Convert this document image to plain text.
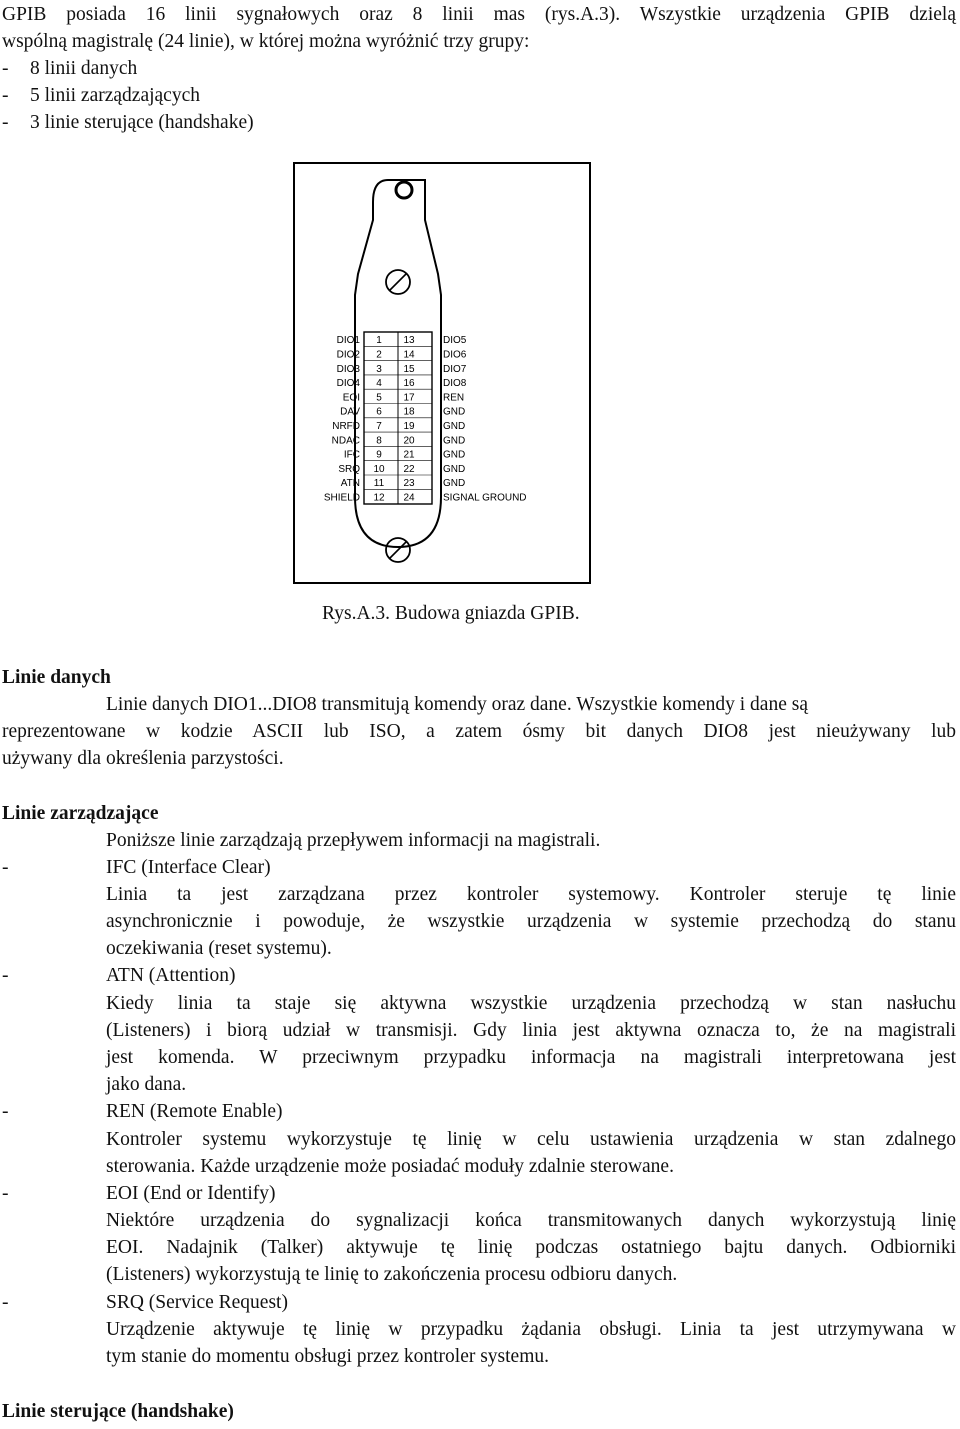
GPIB posiada 16 linii sygnałowych oraz 8 linii mas (rys.A.3). Wszystkie urządzenia GPIB dzielą
wspólną magistralę (24 linie), w której można wyróżnić trzy grupy:
- 8 linii danych
- 5 linii zarządzających
- 3 linie sterujące (handshake)
DIO1 1 13	DIO5
DIO2 2 14	DIO6
DIO3 3 15	DIO7
DIO4 4 16	DIO8
EOI 5 17	REN
DAV 6 18	GND
NRFD 7 19	GND
NDAC 8 20	GND
IFC 9 21	GND
SRQ 10 22	GND
ATN 11 23	GND
SHIELD 12 24	SIGNAL GROUND
Rys.A.3. Budowa gniazda GPIB.
Linie danych
Linie danych DIO1...DIO8 transmitują komendy oraz dane. Wszystkie komendy i dane są
reprezentowane w kodzie ASCII lub ISO, a zatem ósmy bit danych DIO8 jest nieużywany lub
używany dla określenia parzystości.
Linie zarządzające
Poniższe linie zarządzają przepływem informacji na magistrali.
-	IFC (Interface Clear)
Linia ta jest zarządzana przez kontroler systemowy. Kontroler steruje tę linie
asynchronicznie i powoduje, że wszystkie urządzenia w systemie przechodzą do stanu
oczekiwania (reset systemu).
-	ATN (Attention)
Kiedy linia ta staje się aktywna wszystkie urządzenia przechodzą w stan nasłuchu
(Listeners) i biorą udział w transmisji. Gdy linia jest aktywna oznacza to, że na magistrali
jest komenda. W przeciwnym przypadku informacja na magistrali interpretowana jest
jako dana.
-	REN (Remote Enable)
Kontroler systemu wykorzystuje tę linię w celu ustawienia urządzenia w stan zdalnego
sterowania. Każde urządzenie może posiadać moduły zdalnie sterowane.
-	EOI (End or Identify)
Niektóre urządzenia do sygnalizacji końca transmitowanych danych wykorzystują linię
EOI. Nadajnik (Talker) aktywuje tę linię podczas ostatniego bajtu danych. Odbiorniki
(Listeners) wykorzystują te linię to zakończenia procesu odbioru danych.
-	SRQ (Service Request)
Urządzenie aktywuje tę linię w przypadku żądania obsługi. Linia ta jest utrzymywana w
tym stanie do momentu obsługi przez kontroler systemu.
Linie sterujące (handshake)
